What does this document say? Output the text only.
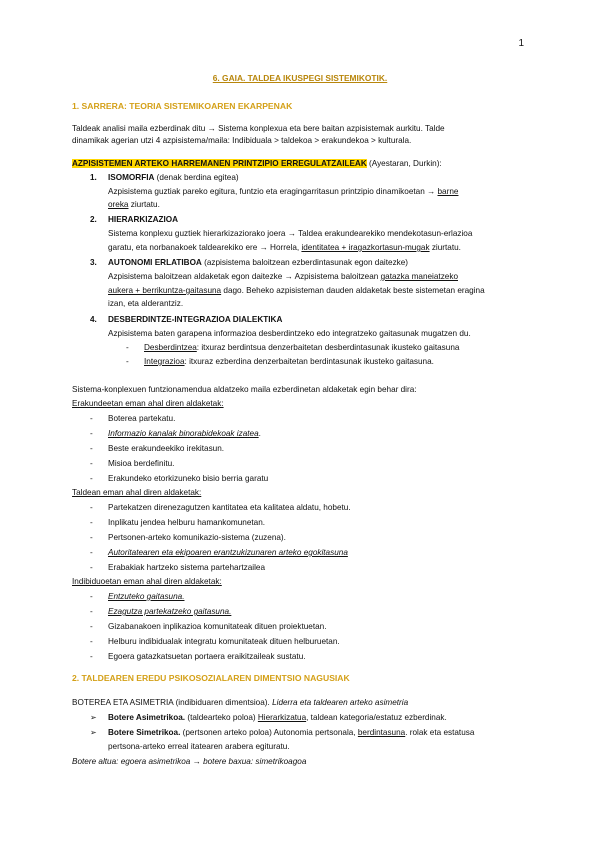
1
6. GAIA. TALDEA IKUSPEGI SISTEMIKOTIK.
1. SARRERA: TEORIA SISTEMIKOAREN EKARPENAK
Taldeak analisi maila ezberdinak ditu → Sistema konplexua eta bere baitan azpisistemak aurkitu. Talde
dinamikak agerian utzi 4 azpisistema/maila: Indibiduala > taldekoa > erakundekoa > kulturala.
AZPISISTEMEN ARTEKO HARREMANEN PRINTZIPIO ERREGULATZAILEAK (Ayestaran, Durkin):
1. ISOMORFIA (denak berdina egitea)
Azpisistema guztiak pareko egitura, funtzio eta eragingarritasun printzipio dinamikoetan → barne
oreka ziurtatu.
2. HIERARKIZAZIOA
Sistema konplexu guztiek hierarkizaziorako joera → Taldea erakundearekiko mendekotasun-erlazioa
garatu, eta norbanakoek taldearekiko ere → Horrela, identitatea + iragazkortasun-mugak ziurtatu.
3. AUTONOMI ERLATIBOA (azpisistema baloitzean ezberdintasunak egon daitezke)
Azpisistema baloitzean aldaketak egon daitezke → Azpisistema baloitzean gatazka maneiatzeko
aukera + berrikuntza-gaitasuna dago. Beheko azpisisteman dauden aldaketak beste sistemetan eragina
izan, eta alderantziz.
4. DESBERDINTZE-INTEGRAZIOA DIALEKTIKA
Azpisistema baten garapena informazioa desberdintzeko edo integratzeko gaitasunak mugatzen du.
- Desberdintzea: itxuraz berdintsua denzerbaitetan desberdintasunak ikusteko gaitasuna
- Integrazioa: itxuraz ezberdina denzerbaitetan berdintasunak ikusteko gaitasuna.
Sistema-konplexuen funtzionamendua aldatzeko maila ezberdinetan aldaketak egin behar dira:
Erakundeetan eman ahal diren aldaketak:
- Boterea partekatu.
- Informazio kanalak binorabidekoak izatea.
- Beste erakundeekiko irekitasun.
- Misioa berdefinitu.
- Erakundeko etorkizuneko bisio berria garatu
Taldean eman ahal diren aldaketak:
- Partekatzen direnezagutzen kantitatea eta kalitatea aldatu, hobetu.
- Inplikatu jendea helburu hamankomunetan.
- Pertsonen-arteko komunikazio-sistema (zuzena).
- Autoritatearen eta ekipoaren erantzukizunaren arteko egokitasuna
- Erabakiak hartzeko sistema partehartzailea
Indibiduoetan eman ahal diren aldaketak:
- Entzuteko gaitasuna.
- Ezagutza partekatzeko gaitasuna.
- Gizabanakoen inplikazioa komunitateak dituen proiektuetan.
- Helburu indibidualak integratu komunitateak dituen helburuetan.
- Egoera gatazkatsuetan portaera eraikitzaileak sustatu.
2. TALDEAREN EREDU PSIKOSOZIALAREN DIMENTSIO NAGUSIAK
BOTEREA ETA ASIMETRIA (indibiduaren dimentsioa). Liderra eta taldearen arteko asimetria
➢ Botere Asimetrikoa. (taldearteko poloa) Hierarkizatua, taldean kategoria/estatuz ezberdinak.
➢ Botere Simetrikoa. (pertsonen arteko poloa) Autonomia pertsonala, berdintasuna. rolak eta estatusa
pertsona-arteko erreal itatearen arabera egituratu.
Botere altua: egoera asimetrikoa → botere baxua: simetrikoagoa
